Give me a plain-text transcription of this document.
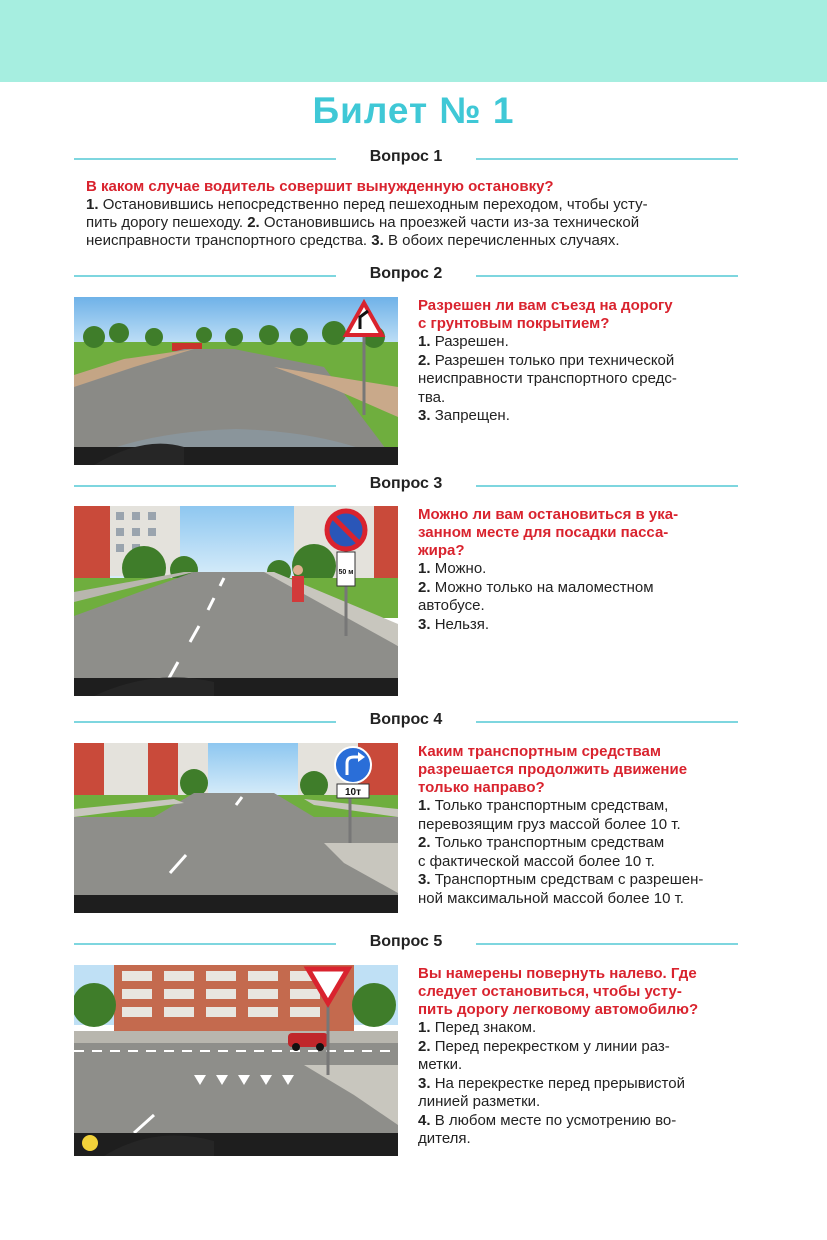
Билет № 1
Вопрос 1
В каком случае водитель совершит вынужденную остановку?

1. Остановившись непосредственно перед пешеходным переходом, чтобы усту-

пить дорогу пешеходу. 2. Остановившись на проезжей части из-за технической

неисправности транспортного средства. 3. В обоих перечисленных случаях.

Вопрос 2

Разрешен ли вам съезд на дорогу

с грунтовым покрытием?

1. Разрешен.

2. Разрешен только при технической

неисправности транспортного средс-

тва.

3. Запрещен.

Вопрос 3
50 м

Можно ли вам остановиться в ука-

занном месте для посадки пасса-

жира?

1. Можно.

2. Можно только на маломестном

автобусе.

3. Нельзя.

Вопрос 4
10т

Каким транспортным средствам

разрешается продолжить движение

только направо?

1. Только транспортным средствам,

перевозящим груз массой более 10 т.

2. Только транспортным средствам

с фактической массой более 10 т.

3. Транспортным средствам с разрешен-

ной максимальной массой более 10 т.

Вопрос 5

Вы намерены повернуть налево. Где

следует остановиться, чтобы усту-

пить дорогу легковому автомобилю?

1. Перед знаком.

2. Перед перекрестком у линии раз-

метки.

3. На перекрестке перед прерывистой

линией разметки.

4. В любом месте по усмотрению во-

дителя.
